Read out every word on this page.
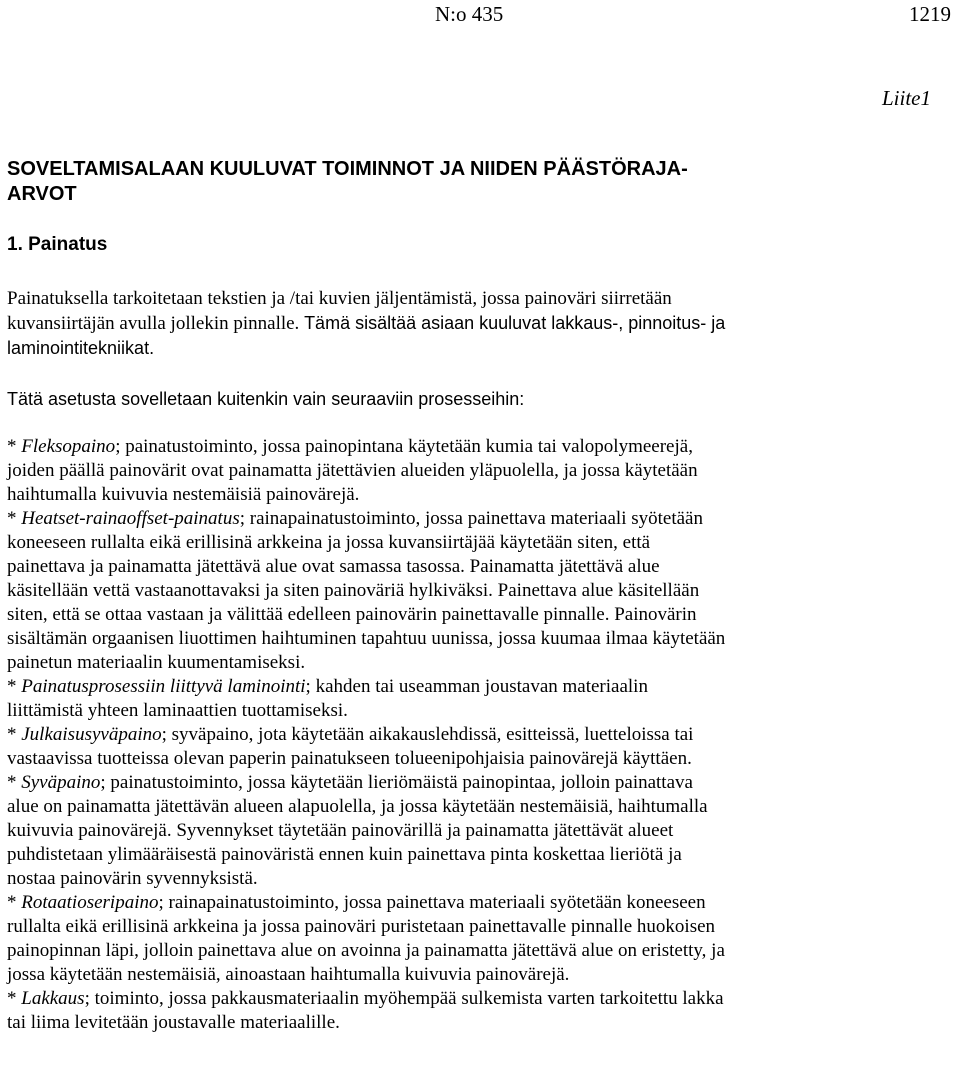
N:o 435	1219
Liite1
SOVELTAMISALAAN KUULUVAT TOIMINNOT JA NIIDEN PÄÄSTÖRAJA-
ARVOT
1. Painatus
Painatuksella tarkoitetaan tekstien ja /tai kuvien jäljentämistä, jossa painoväri siirretään
kuvansiirtäjän avulla jollekin pinnalle. Tämä sisältää asiaan kuuluvat lakkaus-, pinnoitus- ja
laminointitekniikat.
Tätä asetusta sovelletaan kuitenkin vain seuraaviin prosesseihin:
* Fleksopaino; painatustoiminto, jossa painopintana käytetään kumia tai valopolymeerejä,
joiden päällä painovärit ovat painamatta jätettävien alueiden yläpuolella, ja jossa käytetään
haihtumalla kuivuvia nestemäisiä painovärejä.
* Heatset-rainaoffset-painatus; rainapainatustoiminto, jossa painettava materiaali syötetään
koneeseen rullalta eikä erillisinä arkkeina ja jossa kuvansiirtäjää käytetään siten, että
painettava ja painamatta jätettävä alue ovat samassa tasossa. Painamatta jätettävä alue
käsitellään vettä vastaanottavaksi ja siten painoväriä hylkiväksi. Painettava alue käsitellään
siten, että se ottaa vastaan ja välittää edelleen painovärin painettavalle pinnalle. Painovärin
sisältämän orgaanisen liuottimen haihtuminen tapahtuu uunissa, jossa kuumaa ilmaa käytetään
painetun materiaalin kuumentamiseksi.
* Painatusprosessiin liittyvä laminointi; kahden tai useamman joustavan materiaalin
liittämistä yhteen laminaattien tuottamiseksi.
* Julkaisusyväpaino; syväpaino, jota käytetään aikakauslehdissä, esitteissä, luetteloissa tai
vastaavissa tuotteissa olevan paperin painatukseen tolueenipohjaisia painovärejä käyttäen.
* Syväpaino; painatustoiminto, jossa käytetään lieriömäistä painopintaa, jolloin painattava
alue on painamatta jätettävän alueen alapuolella, ja jossa käytetään nestemäisiä, haihtumalla
kuivuvia painovärejä. Syvennykset täytetään painovärillä ja painamatta jätettävät alueet
puhdistetaan ylimääräisestä painoväristä ennen kuin painettava pinta koskettaa lieriötä ja
nostaa painovärin syvennyksistä.
* Rotaatioseripaino; rainapainatustoiminto, jossa painettava materiaali syötetään koneeseen
rullalta eikä erillisinä arkkeina ja jossa painoväri puristetaan painettavalle pinnalle huokoisen
painopinnan läpi, jolloin painettava alue on avoinna ja painamatta jätettävä alue on eristetty, ja
jossa käytetään nestemäisiä, ainoastaan haihtumalla kuivuvia painovärejä.
* Lakkaus; toiminto, jossa pakkausmateriaalin myöhempää sulkemista varten tarkoitettu lakka
tai liima levitetään joustavalle materiaalille.
